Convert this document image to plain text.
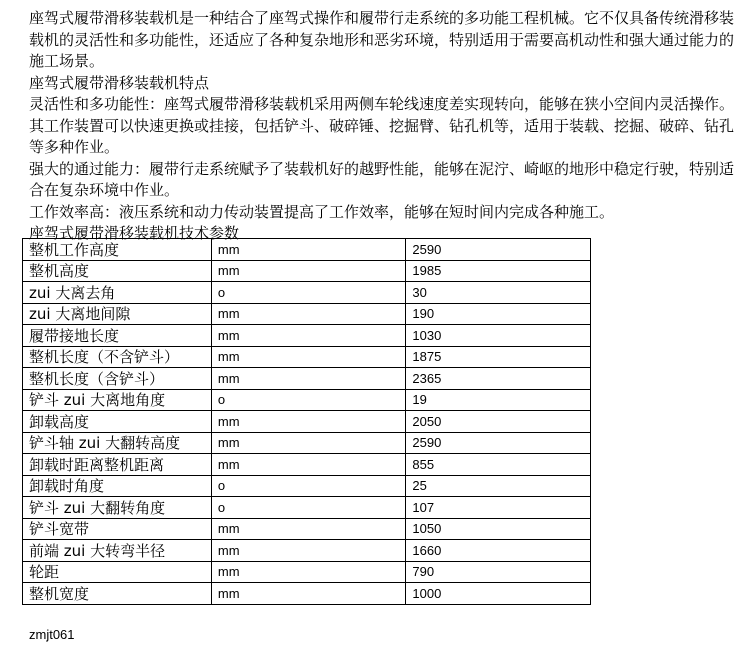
座驾式履带滑移装载机是一种结合了座驾式操作和履带行走系统的多功能工程机械。它不仅具备传统滑移装载机的灵活性和多功能性，还适应了各种复杂地形和恶劣环境，特别适用于需要高机动性和强大通过能力的施工场景。

座驾式履带滑移装载机特点

灵活性和多功能性：座驾式履带滑移装载机采用两侧车轮线速度差实现转向，能够在狭小空间内灵活操作。其工作装置可以快速更换或挂接，包括铲斗、破碎锤、挖掘臂、钻孔机等，适用于装载、挖掘、破碎、钻孔等多种作业。

强大的通过能力：履带行走系统赋予了装载机好的越野性能，能够在泥泞、崎岖的地形中稳定行驶，特别适合在复杂环境中作业。

工作效率高：液压系统和动力传动装置提高了工作效率，能够在短时间内完成各种施工。

座驾式履带滑移装载机技术参数

整机工作高度	mm	2590
整机高度	mm	1985
zui 大离去角	o	30
zui 大离地间隙	mm	190
履带接地长度	mm	1030
整机长度（不含铲斗）	mm	1875
整机长度（含铲斗）	mm	2365
铲斗 zui 大离地角度	o	19
卸载高度	mm	2050
铲斗轴 zui 大翻转高度	mm	2590
卸载时距离整机距离	mm	855
卸载时角度	o	25
铲斗 zui 大翻转角度	o	107
铲斗宽带	mm	1050
前端 zui 大转弯半径	mm	1660
轮距	mm	790
整机宽度	mm	1000
zmjt061
